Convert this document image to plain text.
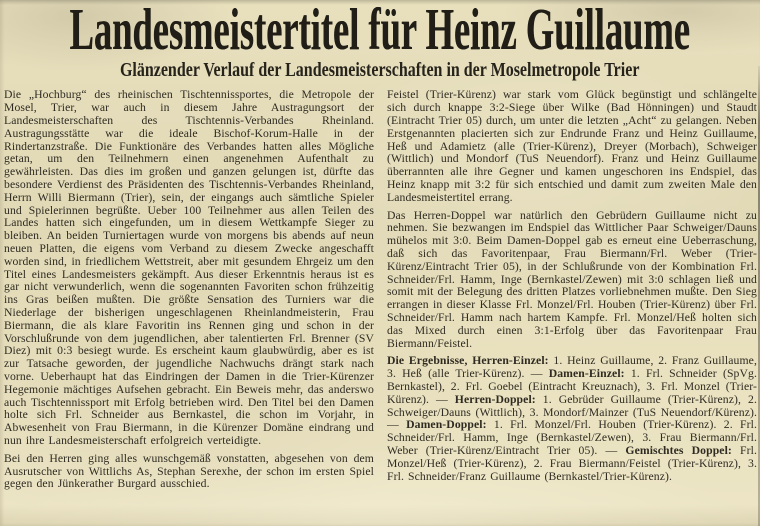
Landesmeistertitel für Heinz Guillaume
Glänzender Verlauf der Landesmeisterschaften in der Moselmetropole Trier

Die „Hochburg“ des rheinischen Tischtennissportes, die Metropole der Mosel, Trier, war auch in diesem Jahre Austragungsort der Landesmeisterschaften des Tischtennis-Verbandes Rheinland. Austragungsstätte war die ideale Bischof-Korum-Halle in der Rindertanzstraße. Die Funktionäre des Verbandes hatten alles Mögliche getan, um den Teilnehmern einen angenehmen Aufenthalt zu gewährleisten. Das dies im großen und ganzen gelungen ist, dürfte das besondere Verdienst des Präsidenten des Tischtennis-Verbandes Rheinland, Herrn Willi Biermann (Trier), sein, der eingangs auch sämtliche Spieler und Spielerinnen begrüßte. Ueber 100 Teilnehmer aus allen Teilen des Landes hatten sich eingefunden, um in diesem Wettkampfe Sieger zu bleiben. An beiden Turniertagen wurde von morgens bis abends auf neun neuen Platten, die eigens vom Verband zu diesem Zwecke angeschafft worden sind, in friedlichem Wettstreit, aber mit gesundem Ehrgeiz um den Titel eines Landesmeisters gekämpft. Aus dieser Erkenntnis heraus ist es gar nicht verwunderlich, wenn die sogenannten Favoriten schon frühzeitig ins Gras beißen mußten. Die größte Sensation des Turniers war die Niederlage der bisherigen ungeschlagenen Rheinlandmeisterin, Frau Biermann, die als klare Favoritin ins Rennen ging und schon in der Vorschlußrunde von dem jugendlichen, aber talentierten Frl. Brenner (SV Diez) mit 0:3 besiegt wurde. Es erscheint kaum glaubwürdig, aber es ist zur Tatsache geworden, der jugendliche Nachwuchs drängt stark nach vorne. Ueberhaupt hat das Eindringen der Damen in die Trier-Kürenzer Hegemonie mächtiges Aufsehen gebracht. Ein Beweis mehr, das anderswo auch Tischtennissport mit Erfolg betrieben wird. Den Titel bei den Damen holte sich Frl. Schneider aus Bernkastel, die schon im Vorjahr, in Abwesenheit von Frau Biermann, in die Kürenzer Domäne eindrang und nun ihre Landesmeisterschaft erfolgreich verteidigte.

Bei den Herren ging alles wunschgemäß vonstatten, abgesehen von dem Ausrutscher von Wittlichs As, Stephan Serexhe, der schon im ersten Spiel gegen den Jünkerather Burgard ausschied.

Feistel (Trier-Kürenz) war stark vom Glück begünstigt und schlängelte sich durch knappe 3:2-Siege über Wilke (Bad Hönningen) und Staudt (Eintracht Trier 05) durch, um unter die letzten „Acht“ zu gelangen. Neben Erstgenannten placierten sich zur Endrunde Franz und Heinz Guillaume, Heß und Adamietz (alle (Trier-Kürenz), Dreyer (Morbach), Schweiger (Wittlich) und Mondorf (TuS Neuendorf). Franz und Heinz Guillaume überrannten alle ihre Gegner und kamen ungeschoren ins Endspiel, das Heinz knapp mit 3:2 für sich entschied und damit zum zweiten Male den Landesmeistertitel errang.

Das Herren-Doppel war natürlich den Gebrüdern Guillaume nicht zu nehmen. Sie bezwangen im Endspiel das Wittlicher Paar Schweiger/Dauns mühelos mit 3:0. Beim Damen-Doppel gab es erneut eine Ueberraschung, daß sich das Favoritenpaar, Frau Biermann/Frl. Weber (Trier-Kürenz/Eintracht Trier 05), in der Schlußrunde von der Kombination Frl. Schneider/Frl. Hamm, Inge (Bernkastel/Zewen) mit 3:0 schlagen ließ und somit mit der Belegung des dritten Platzes vorliebnehmen mußte. Den Sieg errangen in dieser Klasse Frl. Monzel/Frl. Houben (Trier-Kürenz) über Frl. Schneider/Frl. Hamm nach hartem Kampfe. Frl. Monzel/Heß holten sich das Mixed durch einen 3:1-Erfolg über das Favoritenpaar Frau Biermann/Feistel.

Die Ergebnisse, Herren-Einzel: 1. Heinz Guillaume, 2. Franz Guillaume, 3. Heß (alle Trier-Kürenz). — Damen-Einzel: 1. Frl. Schneider (SpVg. Bernkastel), 2. Frl. Goebel (Eintracht Kreuznach), 3. Frl. Monzel (Trier-Kürenz). — Herren-Doppel: 1. Gebrüder Guillaume (Trier-Kürenz), 2. Schweiger/Dauns (Wittlich), 3. Mondorf/Mainzer (TuS Neuendorf/Kürenz). — Damen-Doppel: 1. Frl. Monzel/Frl. Houben (Trier-Kürenz). 2. Frl. Schneider/Frl. Hamm, Inge (Bernkastel/Zewen), 3. Frau Biermann/Frl. Weber (Trier-Kürenz/Eintracht Trier 05). — Gemischtes Doppel: Frl. Monzel/Heß (Trier-Kürenz), 2. Frau Biermann/Feistel (Trier-Kürenz), 3. Frl. Schneider/Franz Guillaume (Bernkastel/Trier-Kürenz).
